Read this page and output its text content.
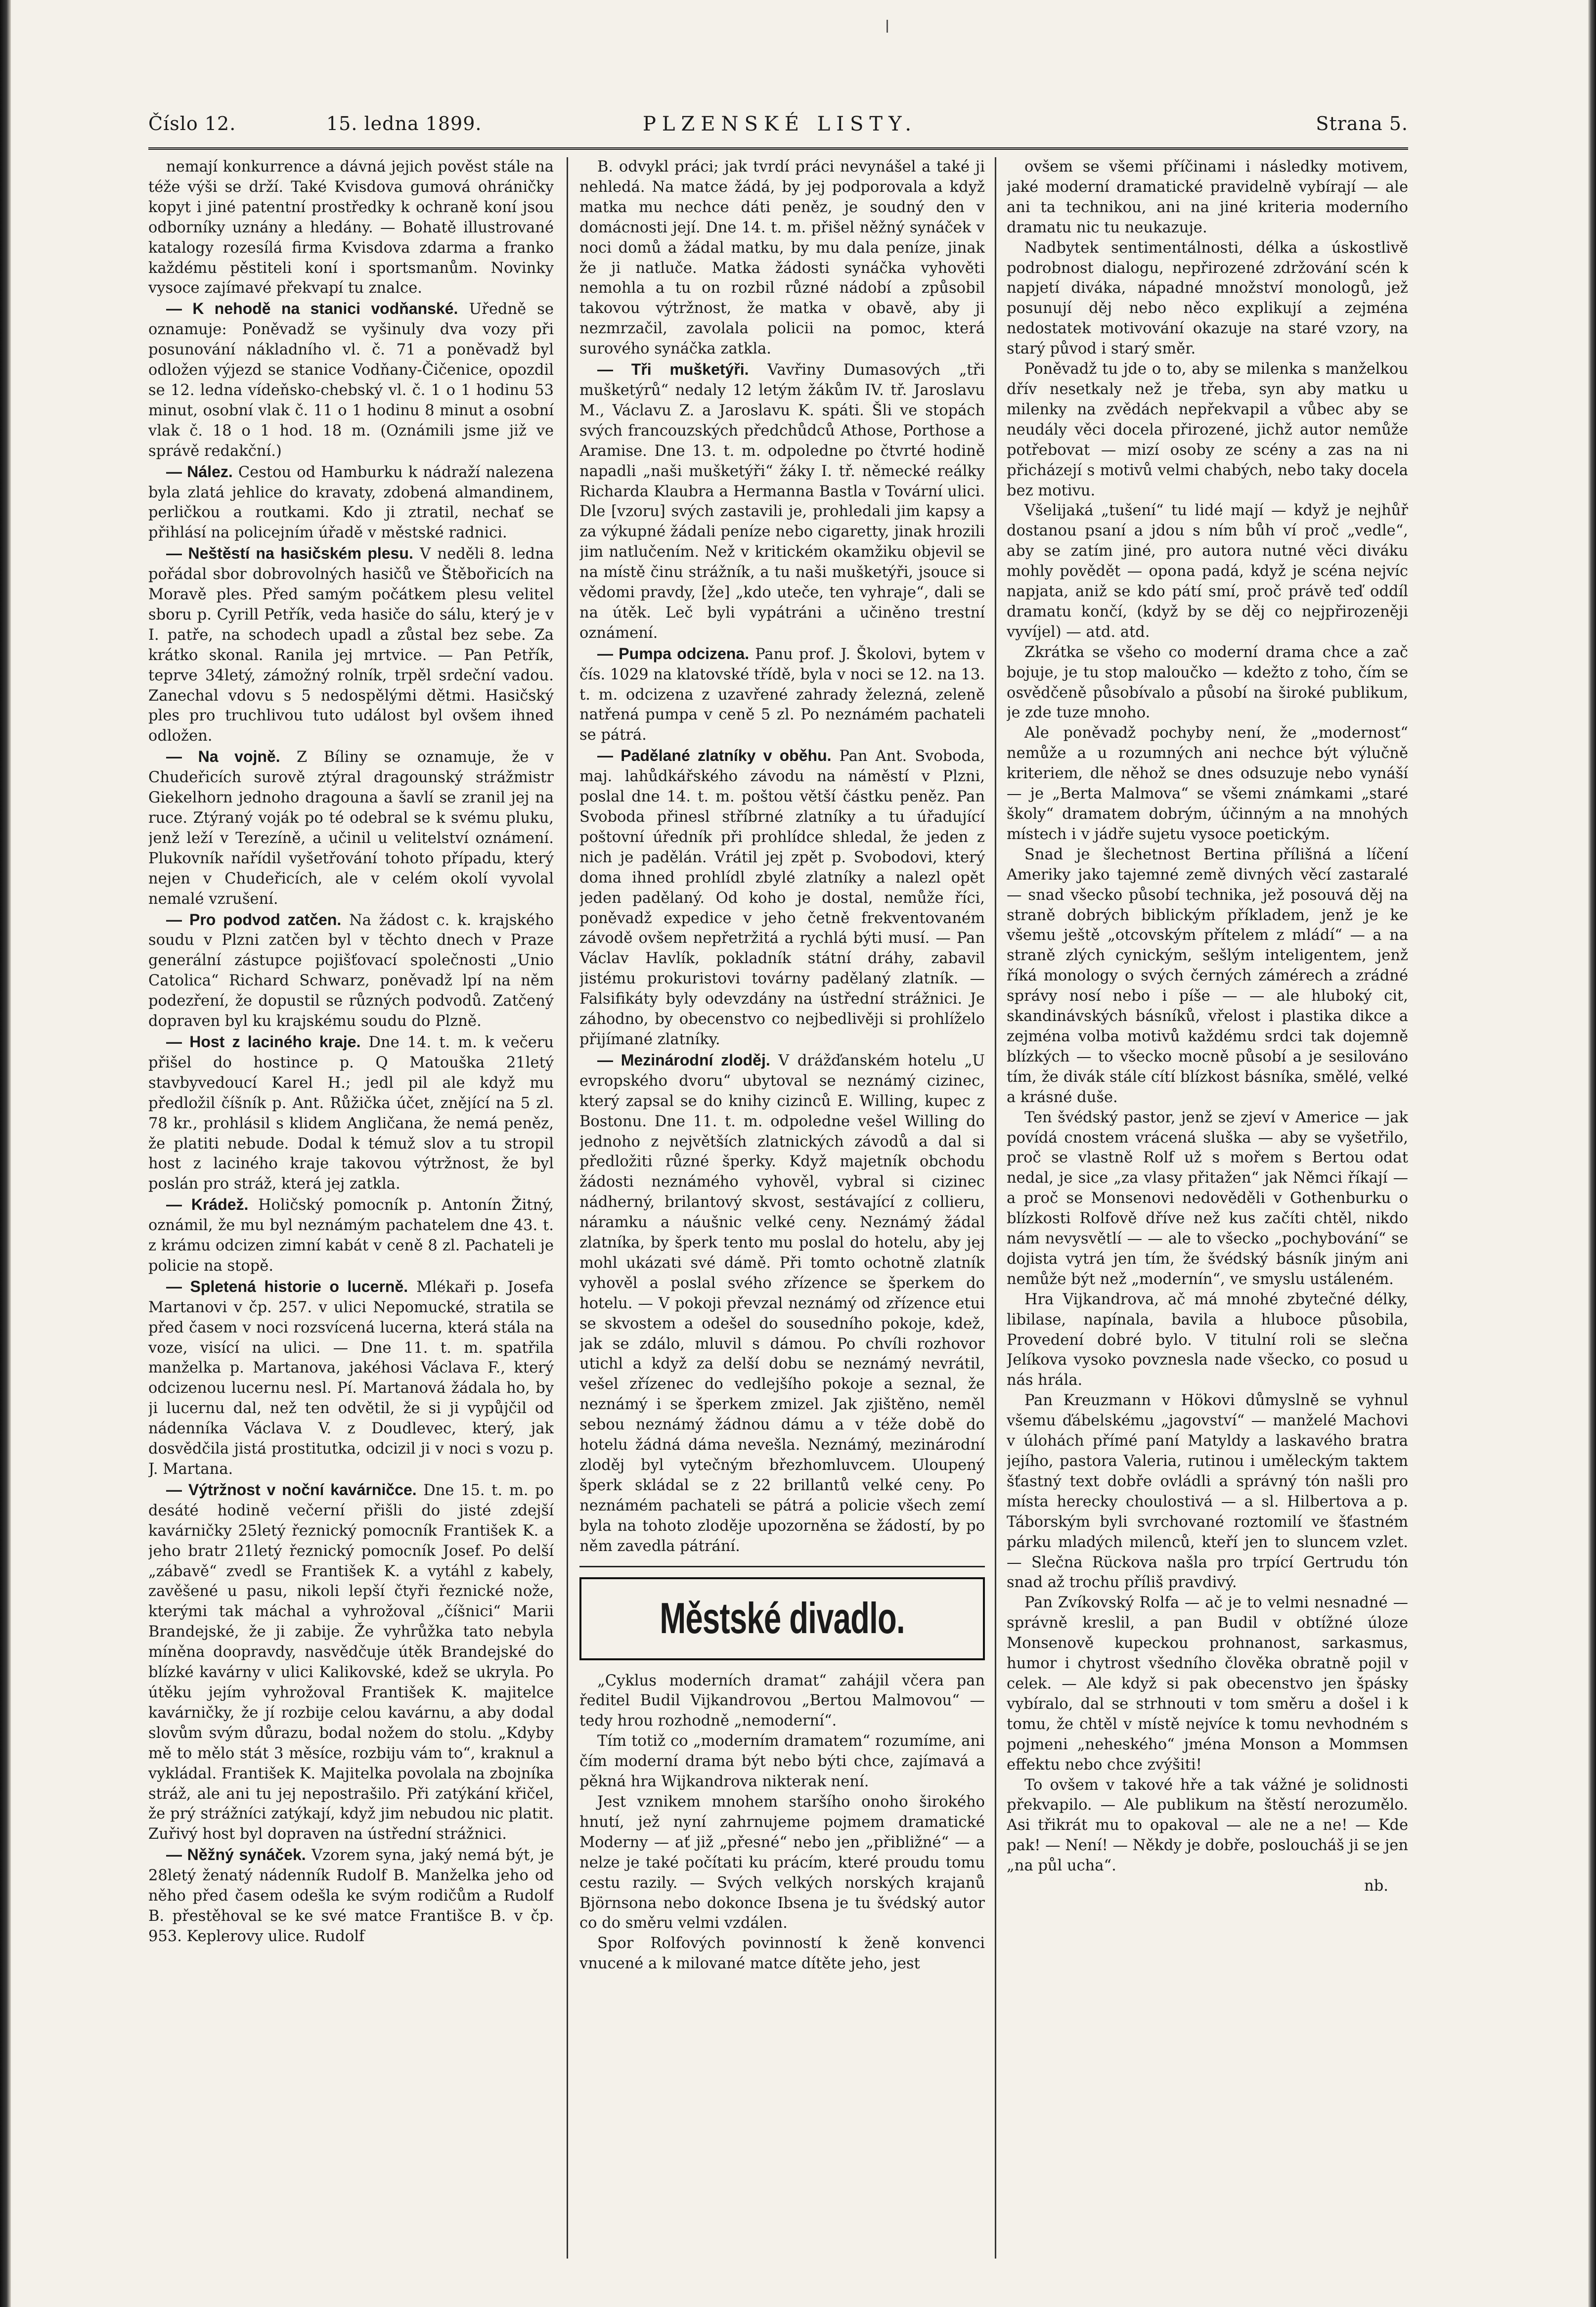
Číslo 12.	15. ledna 1899.	PLZENSKÉ LISTY.	Strana 5.

nemají konkurrence a dávná jejich pověst stále na téže výši se drží. Také Kvisdova gumová ohráničky kopyt i jiné patentní prostředky k ochraně koní jsou odborníky uznány a hledány. — Bohatě illustrované katalogy rozesílá firma Kvisdova zdarma a franko každému pěstiteli koní i sportsmanům. Novinky vysoce zajímavé překvapí tu znalce.

— K nehodě na stanici vodňanské. Uředně se oznamuje: Poněvadž se vyšinuly dva vozy při posunování nákladního vl. č. 71 a poněvadž byl odložen výjezd se stanice Vodňany-Čičenice, opozdil se 12. ledna vídeňsko-chebský vl. č. 1 o 1 hodinu 53 minut, osobní vlak č. 11 o 1 hodinu 8 minut a osobní vlak č. 18 o 1 hod. 18 m. (Oznámili jsme již ve správě redakční.)

— Nález. Cestou od Hamburku k nádraží nalezena byla zlatá jehlice do kravaty, zdobená almandinem, perličkou a routkami. Kdo ji ztratil, nechať se přihlásí na policejním úřadě v městské radnici.

— Neštěstí na hasičském plesu. V neděli 8. ledna pořádal sbor dobrovolných hasičů ve Štěbořicích na Moravě ples. Před samým počátkem plesu velitel sboru p. Cyrill Petřík, veda hasiče do sálu, který je v I. patře, na schodech upadl a zůstal bez sebe. Za krátko skonal. Ranila jej mrtvice. — Pan Petřík, teprve 34letý, zámožný rolník, trpěl srdeční vadou. Zanechal vdovu s 5 nedospělými dětmi. Hasičský ples pro truchlivou tuto událost byl ovšem ihned odložen.

— Na vojně. Z Bíliny se oznamuje, že v Chudeřicích surově ztýral dragounský strážmistr Giekelhorn jednoho dragouna a šavlí se zranil jej na ruce. Ztýraný voják po té odebral se k svému pluku, jenž leží v Terezíně, a učinil u velitelství oznámení. Plukovník nařídil vyšetřování tohoto případu, který nejen v Chudeřicích, ale v celém okolí vyvolal nemalé vzrušení.

— Pro podvod zatčen. Na žádost c. k. krajského soudu v Plzni zatčen byl v těchto dnech v Praze generální zástupce pojišťovací společnosti „Unio Catolica“ Richard Schwarz, poněvadž lpí na něm podezření, že dopustil se různých podvodů. Zatčený dopraven byl ku krajskému soudu do Plzně.

— Host z laciného kraje. Dne 14. t. m. k večeru přišel do hostince p. Q Matouška 21letý stavbyvedoucí Karel H.; jedl pil ale když mu předložil číšník p. Ant. Růžička účet, znějící na 5 zl. 78 kr., prohlásil s klidem Angličana, že nemá peněz, že platiti nebude. Dodal k témuž slov a tu stropil host z laciného kraje takovou výtržnost, že byl poslán pro stráž, která jej zatkla.

— Krádež. Holičský pomocník p. Antonín Žitný, oznámil, že mu byl neznámým pachatelem dne 43. t. z krámu odcizen zimní kabát v ceně 8 zl. Pachateli je policie na stopě.

— Spletená historie o lucerně. Mlékaři p. Josefa Martanovi v čp. 257. v ulici Nepomucké, stratila se před časem v noci rozsvícená lucerna, která stála na voze, visící na ulici. — Dne 11. t. m. spatřila manželka p. Martanova, jakéhosi Václava F., který odcizenou lucernu nesl. Pí. Martanová žádala ho, by ji lucernu dal, než ten odvětil, že si ji vypůjčil od nádenníka Václava V. z Doudlevec, který, jak dosvědčila jistá prostitutka, odcizil ji v noci s vozu p. J. Martana.

— Výtržnost v noční kavárničce. Dne 15. t. m. po desáté hodině večerní přišli do jisté zdejší kavárničky 25letý řeznický pomocník František K. a jeho bratr 21letý řeznický pomocník Josef. Po delší „zábavě“ zvedl se František K. a vytáhl z kabely, zavěšené u pasu, nikoli lepší čtyři řeznické nože, kterými tak máchal a vyhrožoval „číšnici“ Marii Brandejské, že ji zabije. Že vyhrůžka tato nebyla míněna doopravdy, nasvědčuje útěk Brandejské do blízké kavárny v ulici Kalikovské, kdež se ukryla. Po útěku jejím vyhrožoval František K. majitelce kavárničky, že jí rozbije celou kavárnu, a aby dodal slovům svým důrazu, bodal nožem do stolu. „Kdyby mě to mělo stát 3 měsíce, rozbiju vám to“, kraknul a vykládal. František K. Majitelka povolala na zbojníka stráž, ale ani tu jej nepostrašilo. Při zatýkání křičel, že prý strážníci zatýkají, když jim nebudou nic platit. Zuřivý host byl dopraven na ústřední strážnici.

— Něžný synáček. Vzorem syna, jaký nemá být, je 28letý ženatý nádenník Rudolf B. Manželka jeho od něho před časem odešla ke svým rodičům a Rudolf B. přestěhoval se ke své matce Františce B. v čp. 953. Keplerovy ulice. Rudolf

B. odvykl práci; jak tvrdí práci nevynášel a také ji nehledá. Na matce žádá, by jej podporovala a když matka mu nechce dáti peněz, je soudný den v domácnosti její. Dne 14. t. m. přišel něžný synáček v noci domů a žádal matku, by mu dala peníze, jinak že ji natluče. Matka žádosti synáčka vyhověti nemohla a tu on rozbil různé nádobí a způsobil takovou výtržnost, že matka v obavě, aby ji nezmrzačil, zavolala policii na pomoc, která surového synáčka zatkla.

— Tři mušketýři. Vavřiny Dumasových „tři mušketýrů“ nedaly 12 letým žákům IV. tř. Jaroslavu M., Václavu Z. a Jaroslavu K. spáti. Šli ve stopách svých francouzských předchůdců Athose, Porthose a Aramise. Dne 13. t. m. odpoledne po čtvrté hodině napadli „naši mušketýři“ žáky I. tř. německé reálky Richarda Klaubra a Hermanna Bastla v Tovární ulici. Dle [vzoru] svých zastavili je, prohledali jim kapsy a za výkupné žádali peníze nebo cigaretty, jinak hrozili jim natlučením. Než v kritickém okamžiku objevil se na místě činu strážník, a tu naši mušketýři, jsouce si vědomi pravdy, [že] „kdo uteče, ten vyhraje“, dali se na útěk. Leč byli vypátráni a učiněno trestní oznámení.

— Pumpa odcizena. Panu prof. J. Školovi, bytem v čís. 1029 na klatovské třídě, byla v noci se 12. na 13. t. m. odcizena z uzavřené zahrady železná, zeleně natřená pumpa v ceně 5 zl. Po neznámém pachateli se pátrá.

— Padělané zlatníky v oběhu. Pan Ant. Svoboda, maj. lahůdkářského závodu na náměstí v Plzni, poslal dne 14. t. m. poštou větší částku peněz. Pan Svoboda přinesl stříbrné zlatníky a tu úřadující poštovní úředník při prohlídce shledal, že jeden z nich je padělán. Vrátil jej zpět p. Svobodovi, který doma ihned prohlídl zbylé zlatníky a nalezl opět jeden padělaný. Od koho je dostal, nemůže říci, poněvadž expedice v jeho četně frekventovaném závodě ovšem nepřetržitá a rychlá býti musí. — Pan Václav Havlík, pokladník státní dráhy, zabavil jistému prokuristovi továrny padělaný zlatník. — Falsifikáty byly odevzdány na ústřední strážnici. Je záhodno, by obecenstvo co nejbedlivěji si prohlíželo přijímané zlatníky.

— Mezinárodní zloděj. V drážďanském hotelu „U evropského dvoru“ ubytoval se neznámý cizinec, který zapsal se do knihy cizinců E. Willing, kupec z Bostonu. Dne 11. t. m. odpoledne vešel Willing do jednoho z největších zlatnických závodů a dal si předložiti různé šperky. Když majetník obchodu žádosti neznámého vyhověl, vybral si cizinec nádherný, brilantový skvost, sestávající z collieru, náramku a náušnic velké ceny. Neznámý žádal zlatníka, by šperk tento mu poslal do hotelu, aby jej mohl ukázati své dámě. Při tomto ochotně zlatník vyhověl a poslal svého zřízence se šperkem do hotelu. — V pokoji převzal neznámý od zřízence etui se skvostem a odešel do sousedního pokoje, kdež, jak se zdálo, mluvil s dámou. Po chvíli rozhovor utichl a když za delší dobu se neznámý nevrátil, vešel zřízenec do vedlejšího pokoje a seznal, že neznámý i se šperkem zmizel. Jak zjištěno, neměl sebou neznámý žádnou dámu a v téže době do hotelu žádná dáma nevešla. Neznámý, mezinárodní zloděj byl vytečným březhomluvcem. Uloupený šperk skládal se z 22 brillantů velké ceny. Po neznámém pachateli se pátrá a policie všech zemí byla na tohoto zloděje upozorněna se žádostí, by po něm zavedla pátrání.

Městské divadlo.

„Cyklus moderních dramat“ zahájil včera pan ředitel Budil Vijkandrovou „Bertou Malmovou“ — tedy hrou rozhodně „nemoderní“.

Tím totiž co „moderním dramatem“ rozumíme, ani čím moderní drama být nebo býti chce, zajímavá a pěkná hra Wijkandrova nikterak není.

Jest vznikem mnohem staršího onoho širokého hnutí, jež nyní zahrnujeme pojmem dramatické Moderny — ať již „přesné“ nebo jen „přibližné“ — a nelze je také počítati ku prácím, které proudu tomu cestu razily. — Svých velkých norských krajanů Björnsona nebo dokonce Ibsena je tu švédský autor co do směru velmi vzdálen.

Spor Rolfových povinností k ženě konvenci vnucené a k milované matce dítěte jeho, jest

ovšem se všemi příčinami i následky motivem, jaké moderní dramatické pravidelně vybírají — ale ani ta technikou, ani na jiné kriteria moderního dramatu nic tu neukazuje.

Nadbytek sentimentálnosti, délka a úskostlivě podrobnost dialogu, nepřirozené zdržování scén k napjetí diváka, nápadné množství monologů, jež posunují děj nebo něco explikují a zejména nedostatek motivování okazuje na staré vzory, na starý původ i starý směr.

Poněvadž tu jde o to, aby se milenka s manželkou dřív nesetkaly než je třeba, syn aby matku u milenky na zvědách nepřekvapil a vůbec aby se neudály věci docela přirozené, jichž autor nemůže potřebovat — mizí osoby ze scény a zas na ni přicházejí s motivů velmi chabých, nebo taky docela bez motivu.

Všelijaká „tušení“ tu lidé mají — když je nejhůř dostanou psaní a jdou s ním bůh ví proč „vedle“, aby se zatím jiné, pro autora nutné věci diváku mohly povědět — opona padá, když je scéna nejvíc napjata, aniž se kdo pátí smí, proč právě teď oddíl dramatu končí, (když by se děj co nejpřirozeněji vyvíjel) — atd. atd.

Zkrátka se všeho co moderní drama chce a zač bojuje, je tu stop maloučko — kdežto z toho, čím se osvědčeně působívalo a působí na široké publikum, je zde tuze mnoho.

Ale poněvadž pochyby není, že „modernost“ nemůže a u rozumných ani nechce být výlučně kriteriem, dle něhož se dnes odsuzuje nebo vynáší — je „Berta Malmova“ se všemi známkami „staré školy“ dramatem dobrým, účinným a na mnohých místech i v jádře sujetu vysoce poetickým.

Snad je šlechetnost Bertina přílišná a líčení Ameriky jako tajemné země divných věcí zastaralé — snad všecko působí technika, jež posouvá děj na straně dobrých biblickým příkladem, jenž je ke všemu ještě „otcovským přítelem z mládí“ — a na straně zlých cynickým, sešlým inteligentem, jenž říká monology o svých černých zámérech a zrádné správy nosí nebo i píše — — ale hluboký cit, skandinávských básníků, vřelost i plastika dikce a zejména volba motivů každému srdci tak dojemně blízkých — to všecko mocně působí a je sesilováno tím, že divák stále cítí blízkost básníka, smělé, velké a krásné duše.

Ten švédský pastor, jenž se zjeví v Americe — jak povídá cnostem vrácená sluška — aby se vyšetřilo, proč se vlastně Rolf už s mořem s Bertou odat nedal, je sice „za vlasy přitažen“ jak Němci říkají — a proč se Monsenovi nedověděli v Gothenburku o blízkosti Rolfově dříve než kus začíti chtěl, nikdo nám nevysvětlí — — ale to všecko „pochybování“ se dojista vytrá jen tím, že švédský básník jiným ani nemůže být než „modernín“, ve smyslu ustáleném.

Hra Vijkandrova, ač má mnohé zbytečné délky, libilase, napínala, bavila a hluboce působila, Provedení dobré bylo. V titulní roli se slečna Jelíkova vysoko povznesla nade všecko, co posud u nás hrála.

Pan Kreuzmann v Hökovi důmyslně se vyhnul všemu ďábelskému „jagovství“ — manželé Machovi v úlohách přímé paní Matyldy a laskavého bratra jejího, pastora Valeria, rutinou i uměleckým taktem šťastný text dobře ovládli a správný tón našli pro místa herecky choulostivá — a sl. Hilbertova a p. Táborským byli svrchované roztomilí ve šťastném párku mladých milenců, kteří jen to sluncem vzlet. — Slečna Rückova našla pro trpící Gertrudu tón snad až trochu příliš pravdivý.

Pan Zvíkovský Rolfa — ač je to velmi nesnadné — správně kreslil, a pan Budil v obtížné úloze Monsenově kupeckou prohnanost, sarkasmus, humor i chytrost všedního člověka obratně pojil v celek. — Ale když si pak obecenstvo jen špásky vybíralo, dal se strhnouti v tom směru a došel i k tomu, že chtěl v místě nejvíce k tomu nevhodném s pojmeni „neheského“ jména Monson a Mommsen effektu nebo chce zvýšiti!

To ovšem v takové hře a tak vážné je solidnosti překvapilo. — Ale publikum na štěstí nerozumělo. Asi třikrát mu to opakoval — ale ne a ne! — Kde pak! — Není! — Někdy je dobře, posloucháš ji se jen „na půl ucha“.

nb.
